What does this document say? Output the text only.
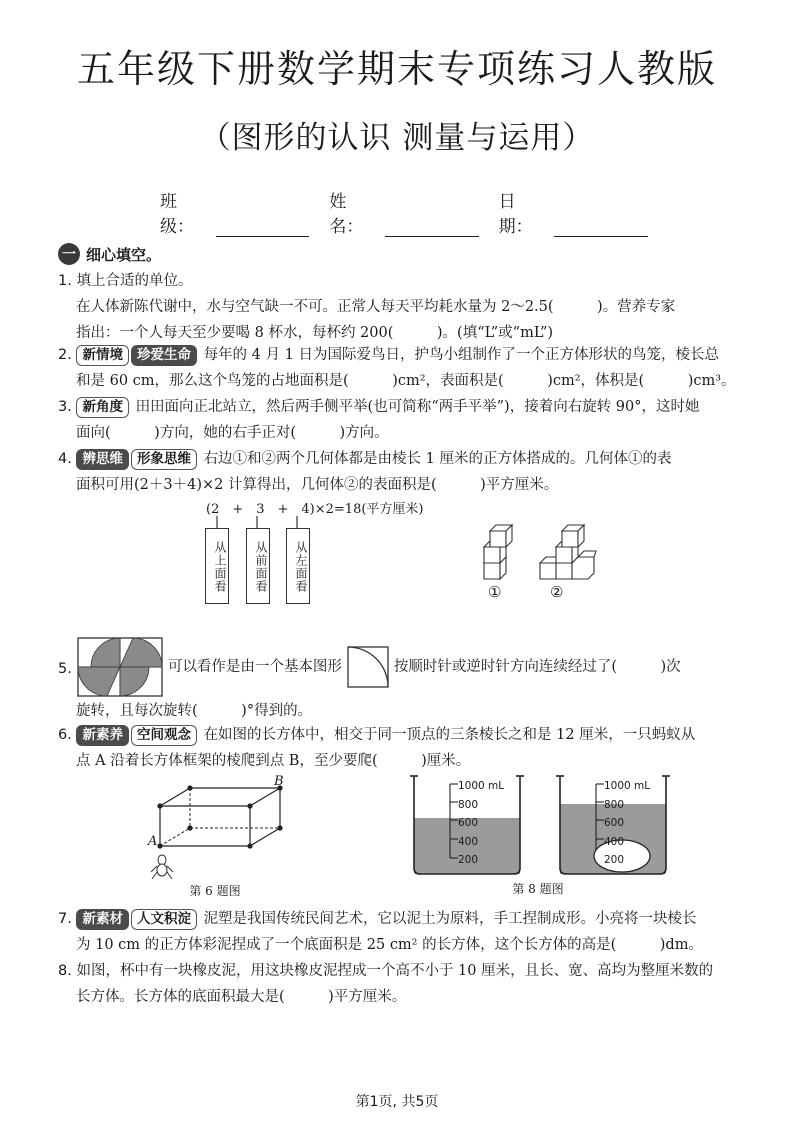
五年级下册数学期末专项练习人教版
（图形的认识 测量与运用）
班级：
姓名：
日期：
一 细心填空。
1. 填上合适的单位。
在人体新陈代谢中，水与空气缺一不可。正常人每天平均耗水量为 2～2.5(　　　)。营养专家
指出：一个人每天至少要喝 8 杯水，每杯约 200(　　　)。(填“L”或“mL”)
2. 新情境 珍爱生命 每年的 4 月 1 日为国际爱鸟日，护鸟小组制作了一个正方体形状的鸟笼，棱长总
和是 60 cm，那么这个鸟笼的占地面积是(　　　)cm²，表面积是(　　　)cm²，体积是(　　　)cm³。
3. 新角度 田田面向正北站立，然后两手侧平举(也可简称“两手平举”)，接着向右旋转 90°，这时她
面向(　　　)方向，她的右手正对(　　　)方向。
4. 辨思维 形象思维 右边①和②两个几何体都是由棱长 1 厘米的正方体搭成的。几何体①的表
面积可用(2＋3＋4)×2 计算得出，几何体②的表面积是(　　　)平方厘米。
(2　+　3　+　4)×2=18(平方厘米)
从上面看	从前面看	从左面看	①	②
5.	可以看作是由一个基本图形	按顺时针或逆时针方向连续经过了(　　　)次
旋转，且每次旋转(　　　)°得到的。
6. 新素养 空间观念 在如图的长方体中，相交于同一顶点的三条棱长之和是 12 厘米，一只蚂蚁从
点 A 沿着长方体框架的棱爬到点 B，至少要爬(　　　)厘米。
A
B
第 6 题图
1000 mL
800
600
400
200
1000 mL
800
600
400
200
第 8 题图
7. 新素材 人文积淀 泥塑是我国传统民间艺术，它以泥土为原料，手工捏制成形。小亮将一块棱长
为 10 cm 的正方体彩泥捏成了一个底面积是 25 cm² 的长方体，这个长方体的高是(　　　)dm。
8. 如图，杯中有一块橡皮泥，用这块橡皮泥捏成一个高不小于 10 厘米，且长、宽、高均为整厘米数的
长方体。长方体的底面积最大是(　　　)平方厘米。
第1页, 共5页
